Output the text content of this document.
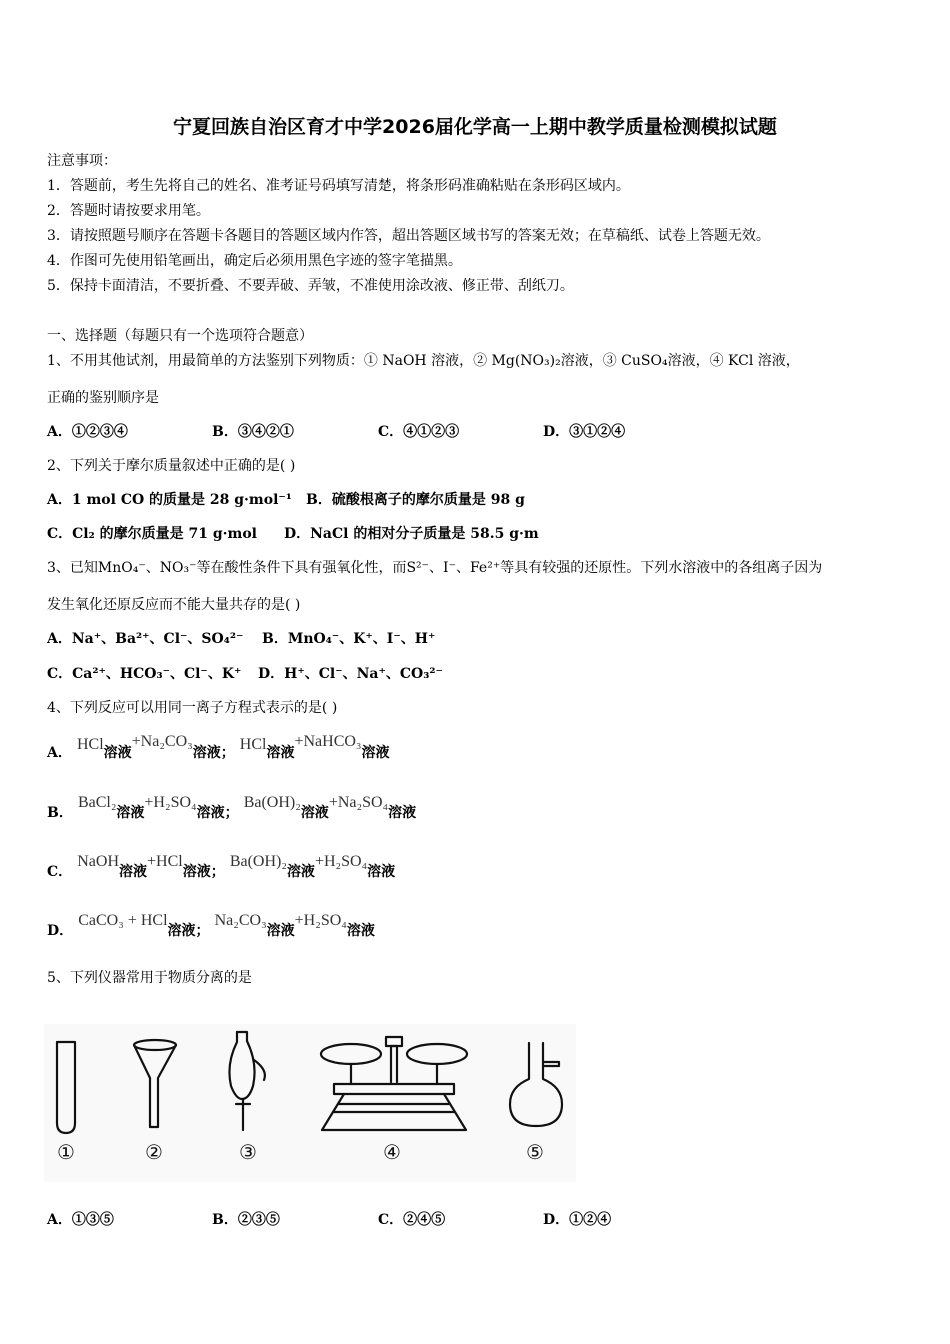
宁夏回族自治区育才中学2026届化学高一上期中教学质量检测模拟试题
注意事项：
1．答题前，考生先将自己的姓名、准考证号码填写清楚，将条形码准确粘贴在条形码区域内。
2．答题时请按要求用笔。
3．请按照题号顺序在答题卡各题目的答题区域内作答，超出答题区域书写的答案无效；在草稿纸、试卷上答题无效。
4．作图可先使用铅笔画出，确定后必须用黑色字迹的签字笔描黑。
5．保持卡面清洁，不要折叠、不要弄破、弄皱，不准使用涂改液、修正带、刮纸刀。
一、选择题（每题只有一个选项符合题意）
1、不用其他试剂，用最简单的方法鉴别下列物质：① NaOH 溶液，② Mg(NO₃)₂溶液，③ CuSO₄溶液，④ KCl 溶液，
正确的鉴别顺序是
A．①②③④	B．③④②①	C．④①②③	D．③①②④
2、下列关于摩尔质量叙述中正确的是( )
A．1 mol CO 的质量是 28 g·mol⁻¹ B．硫酸根离子的摩尔质量是 98 g
C．Cl₂ 的摩尔质量是 71 g·mol D．NaCl 的相对分子质量是 58.5 g·m
3、已知MnO₄⁻、NO₃⁻等在酸性条件下具有强氧化性，而S²⁻、I⁻、Fe²⁺等具有较强的还原性。下列水溶液中的各组离子因为
发生氧化还原反应而不能大量共存的是( )
A．Na⁺、Ba²⁺、Cl⁻、SO₄²⁻ B．MnO₄⁻、K⁺、I⁻、H⁺
C．Ca²⁺、HCO₃⁻、Cl⁻、K⁺ D．H⁺、Cl⁻、Na⁺、CO₃²⁻
4、下列反应可以用同一离子方程式表示的是( )
A． HCl溶液+Na₂CO₃溶液； HCl溶液+NaHCO₃溶液
B． BaCl₂溶液+H₂SO₄溶液； Ba(OH)₂溶液+Na₂SO₄溶液
C． NaOH溶液+HCl溶液； Ba(OH)₂溶液+H₂SO₄溶液
D． CaCO₃ + HCl溶液； Na₂CO₃溶液+H₂SO₄溶液
5、下列仪器常用于物质分离的是
①	②	③	④	⑤
A．①③⑤	B．②③⑤	C．②④⑤	D．①②④
